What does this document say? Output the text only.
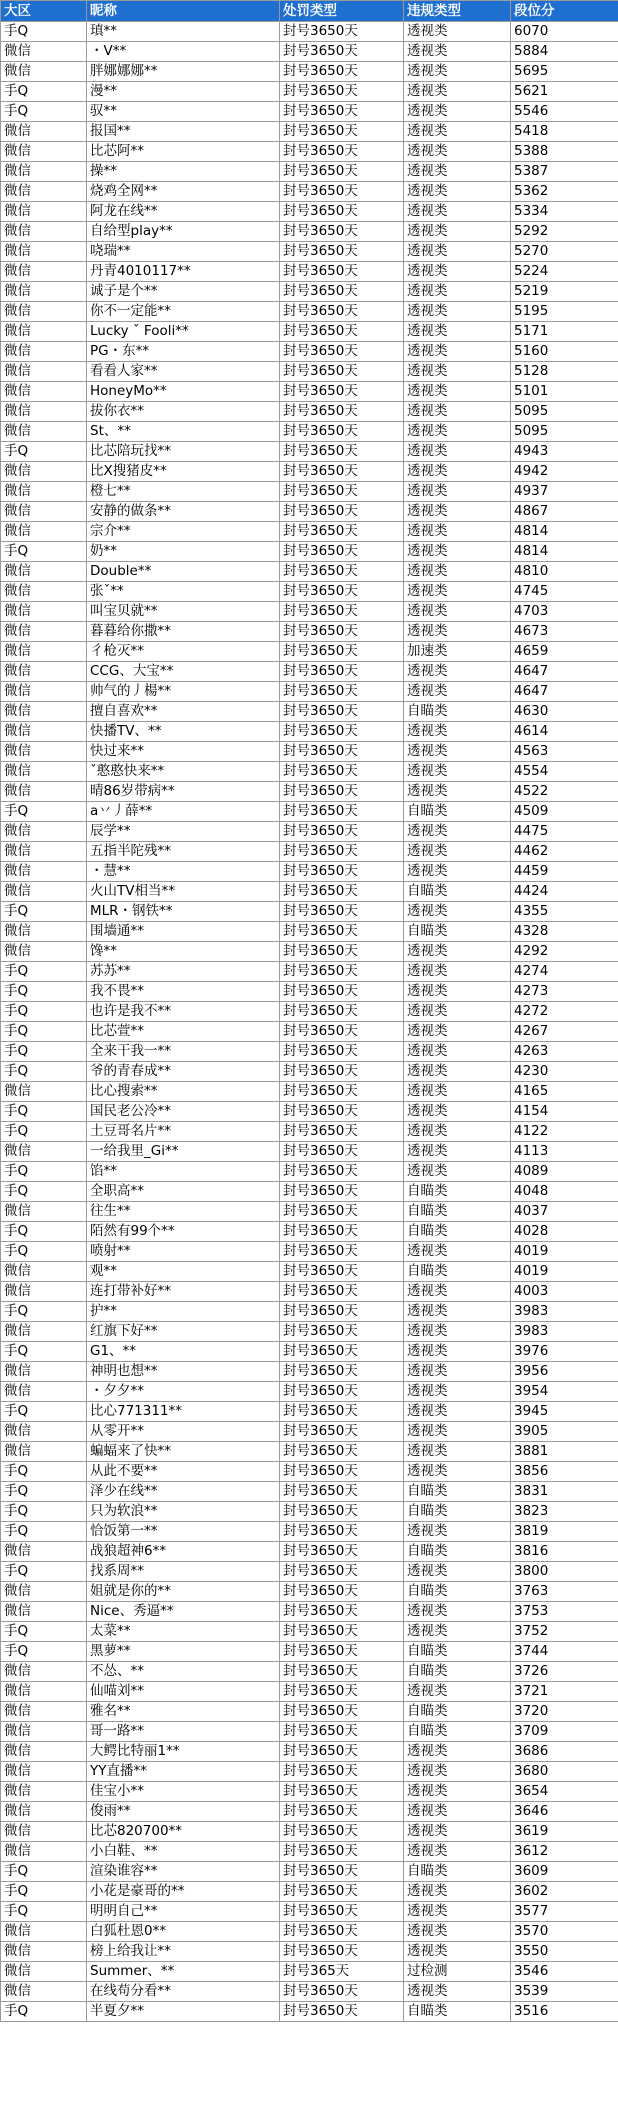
大区	昵称	处罚类型	违规类型	段位分
手Q	瑱**	封号3650天	透视类	6070
微信	・V**	封号3650天	透视类	5884
微信	胖娜娜娜**	封号3650天	透视类	5695
手Q	漫**	封号3650天	透视类	5621
手Q	驭**	封号3650天	透视类	5546
微信	报国**	封号3650天	透视类	5418
微信	比芯阿**	封号3650天	透视类	5388
微信	操**	封号3650天	透视类	5387
微信	烧鸡全网**	封号3650天	透视类	5362
微信	阿龙在线**	封号3650天	透视类	5334
微信	自给型play**	封号3650天	透视类	5292
微信	哓瑞**	封号3650天	透视类	5270
微信	丹青4010117**	封号3650天	透视类	5224
微信	诚子是个**	封号3650天	透视类	5219
微信	你不一定能**	封号3650天	透视类	5195
微信	Lucky ˇ Fooli**	封号3650天	透视类	5171
微信	PG・东**	封号3650天	透视类	5160
微信	看看人家**	封号3650天	透视类	5128
微信	HoneyMo**	封号3650天	透视类	5101
微信	拔你衣**	封号3650天	透视类	5095
微信	St、**	封号3650天	透视类	5095
手Q	比芯陪玩找**	封号3650天	透视类	4943
微信	比X搜猪皮**	封号3650天	透视类	4942
微信	橙七**	封号3650天	透视类	4937
微信	安静的做条**	封号3650天	透视类	4867
微信	宗介**	封号3650天	透视类	4814
手Q	奶**	封号3650天	透视类	4814
微信	Double**	封号3650天	透视类	4810
微信	张ˇ**	封号3650天	透视类	4745
微信	叫宝贝就**	封号3650天	透视类	4703
微信	暮暮给你撒**	封号3650天	透视类	4673
微信	彳枪灭**	封号3650天	加速类	4659
微信	CCG、大宝**	封号3650天	透视类	4647
微信	帅气的丿楊**	封号3650天	透视类	4647
微信	擅自喜欢**	封号3650天	自瞄类	4630
微信	快播TV、**	封号3650天	透视类	4614
微信	快过来**	封号3650天	透视类	4563
微信	ˇ憨憨快来**	封号3650天	透视类	4554
微信	晴86岁带病**	封号3650天	透视类	4522
手Q	a丷丿薛**	封号3650天	自瞄类	4509
微信	辰学**	封号3650天	透视类	4475
微信	五指半陀残**	封号3650天	透视类	4462
微信	・慧**	封号3650天	透视类	4459
微信	火山TV相当**	封号3650天	自瞄类	4424
手Q	MLR・钢铁**	封号3650天	透视类	4355
微信	围墙通**	封号3650天	自瞄类	4328
微信	馋**	封号3650天	透视类	4292
手Q	苏苏**	封号3650天	透视类	4274
手Q	我不畏**	封号3650天	透视类	4273
手Q	也许是我不**	封号3650天	透视类	4272
手Q	比芯萱**	封号3650天	透视类	4267
手Q	全来干我一**	封号3650天	透视类	4263
手Q	爷的青春成**	封号3650天	透视类	4230
微信	比心搜索**	封号3650天	透视类	4165
手Q	国民老公冷**	封号3650天	透视类	4154
手Q	土豆哥名片**	封号3650天	透视类	4122
微信	一给我里_Gi**	封号3650天	透视类	4113
手Q	馅**	封号3650天	透视类	4089
手Q	全职高**	封号3650天	自瞄类	4048
微信	往生**	封号3650天	自瞄类	4037
手Q	陌然有99个**	封号3650天	自瞄类	4028
手Q	喷射**	封号3650天	透视类	4019
微信	观**	封号3650天	自瞄类	4019
微信	连打带补好**	封号3650天	透视类	4003
手Q	护**	封号3650天	透视类	3983
微信	红旗下好**	封号3650天	透视类	3983
手Q	G1、**	封号3650天	透视类	3976
微信	神明也想**	封号3650天	透视类	3956
微信	・夕夕**	封号3650天	透视类	3954
手Q	比心771311**	封号3650天	透视类	3945
微信	从零开**	封号3650天	透视类	3905
微信	蝙蝠来了快**	封号3650天	透视类	3881
手Q	从此不要**	封号3650天	透视类	3856
手Q	泽少在线**	封号3650天	自瞄类	3831
手Q	只为软浪**	封号3650天	自瞄类	3823
手Q	恰饭第一**	封号3650天	透视类	3819
微信	战狼超神6**	封号3650天	自瞄类	3816
手Q	找系周**	封号3650天	透视类	3800
微信	姐就是你的**	封号3650天	自瞄类	3763
微信	Nice、秀逼**	封号3650天	透视类	3753
手Q	太菜**	封号3650天	透视类	3752
手Q	黑萝**	封号3650天	自瞄类	3744
微信	不怂、**	封号3650天	自瞄类	3726
微信	仙喵刘**	封号3650天	透视类	3721
微信	雅名**	封号3650天	自瞄类	3720
微信	哥一路**	封号3650天	自瞄类	3709
微信	大鳄比特丽1**	封号3650天	透视类	3686
微信	YY直播**	封号3650天	透视类	3680
微信	佳宝小**	封号3650天	透视类	3654
微信	俊雨**	封号3650天	透视类	3646
微信	比芯820700**	封号3650天	透视类	3619
微信	小白鞋、**	封号3650天	透视类	3612
手Q	渲染谁容**	封号3650天	自瞄类	3609
手Q	小花是豪哥的**	封号3650天	透视类	3602
手Q	明明自己**	封号3650天	透视类	3577
微信	白狐杜恩0**	封号3650天	透视类	3570
微信	榜上给我让**	封号3650天	透视类	3550
微信	Summer、**	封号365天	过检测	3546
微信	在线苟分看**	封号3650天	透视类	3539
手Q	半夏夕**	封号3650天	自瞄类	3516
